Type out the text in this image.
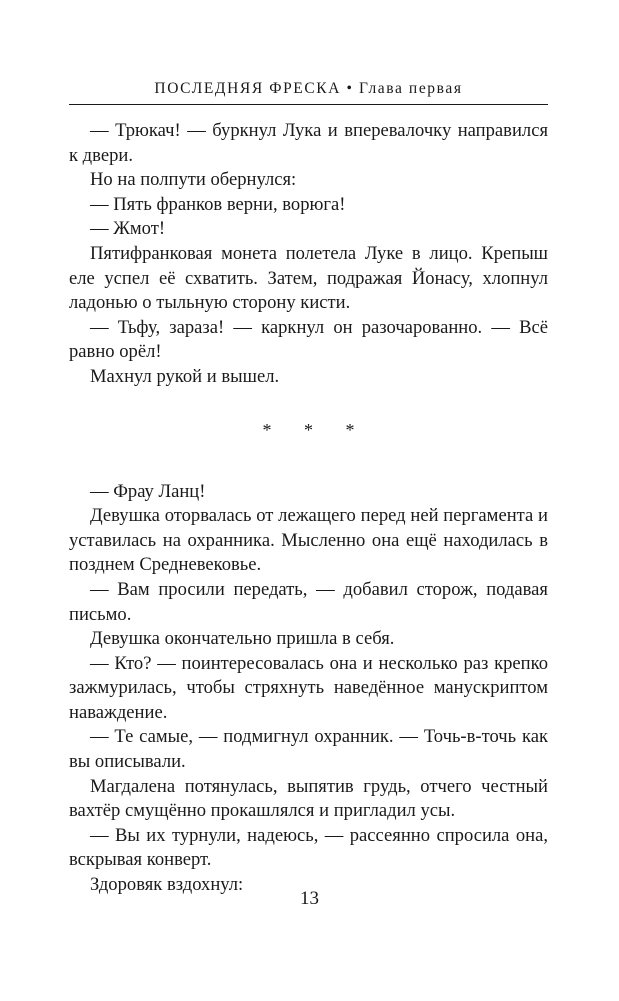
ПОСЛЕДНЯЯ ФРЕСКА • Глава первая

— Трюкач! — буркнул Лука и вперевалочку направился к двери.

Но на полпути обернулся:

— Пять франков верни, ворюга!

— Жмот!

Пятифранковая монета полетела Луке в лицо. Крепыш еле успел её схватить. Затем, подражая Йонасу, хлопнул ладонью о тыльную сторону кисти.

— Тьфу, зараза! — каркнул он разочарованно. — Всё равно орёл!

Махнул рукой и вышел.

* * *

— Фрау Ланц!

Девушка оторвалась от лежащего перед ней пергамента и уставилась на охранника. Мысленно она ещё находилась в позднем Средневековье.

— Вам просили передать, — добавил сторож, подавая письмо.

Девушка окончательно пришла в себя.

— Кто? — поинтересовалась она и несколько раз крепко зажмурилась, чтобы стряхнуть наведённое манускриптом наваждение.

— Те самые, — подмигнул охранник. — Точь-в-точь как вы описывали.

Магдалена потянулась, выпятив грудь, отчего честный вахтёр смущённо прокашлялся и пригладил усы.

— Вы их турнули, надеюсь, — рассеянно спросила она, вскрывая конверт.

Здоровяк вздохнул:

13
